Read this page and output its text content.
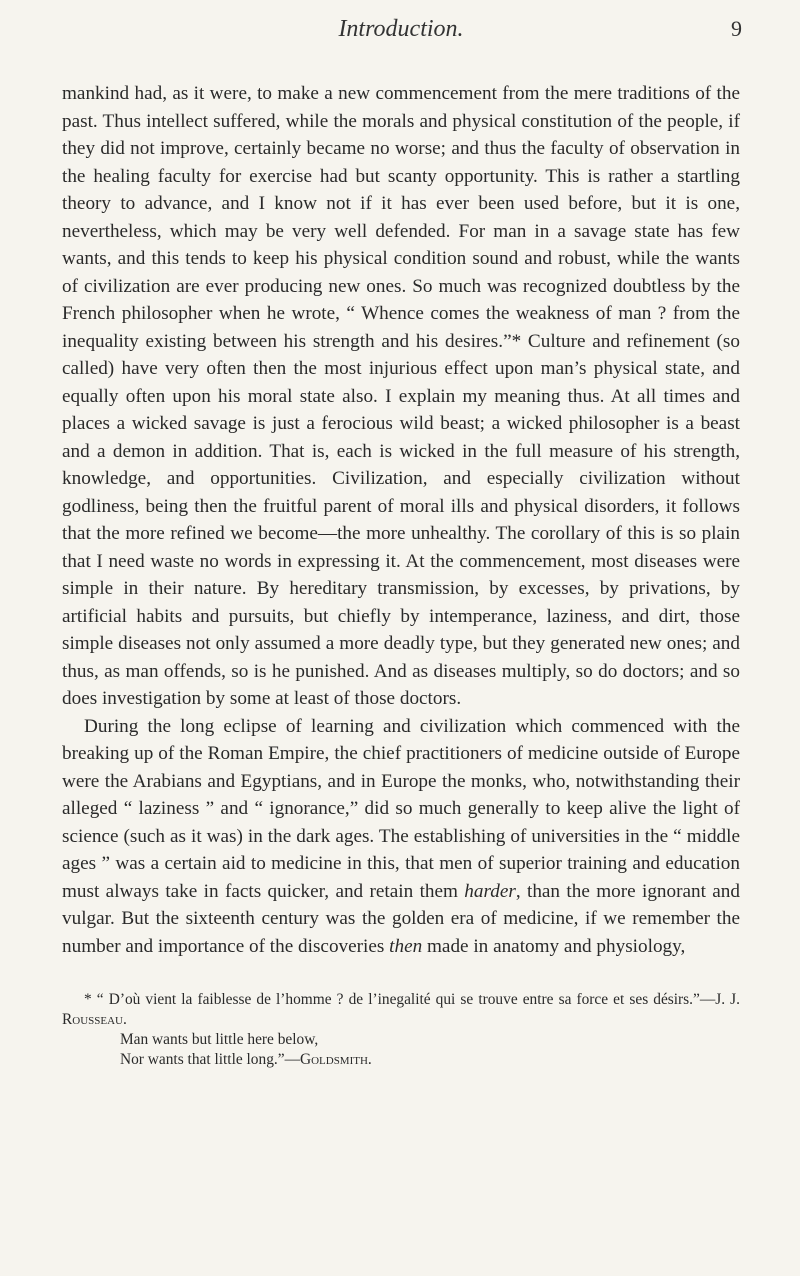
Introduction.	9

mankind had, as it were, to make a new commencement from the mere traditions of the past. Thus intellect suffered, while the morals and physical constitution of the people, if they did not improve, certainly became no worse; and thus the faculty of observation in the healing faculty for exercise had but scanty opportunity. This is rather a startling theory to advance, and I know not if it has ever been used before, but it is one, nevertheless, which may be very well defended. For man in a savage state has few wants, and this tends to keep his physical condition sound and robust, while the wants of civilization are ever producing new ones. So much was recognized doubtless by the French philosopher when he wrote, “ Whence comes the weakness of man ? from the inequality existing between his strength and his desires.”* Culture and refinement (so called) have very often then the most injurious effect upon man’s physical state, and equally often upon his moral state also. I explain my meaning thus. At all times and places a wicked savage is just a ferocious wild beast; a wicked philosopher is a beast and a demon in addition. That is, each is wicked in the full measure of his strength, knowledge, and opportunities. Civilization, and especially civilization without godliness, being then the fruitful parent of moral ills and physical disorders, it follows that the more refined we become—the more unhealthy. The corollary of this is so plain that I need waste no words in expressing it. At the commencement, most diseases were simple in their nature. By hereditary transmission, by excesses, by privations, by artificial habits and pursuits, but chiefly by intemperance, laziness, and dirt, those simple diseases not only assumed a more deadly type, but they generated new ones; and thus, as man offends, so is he punished. And as diseases multiply, so do doctors; and so does investigation by some at least of those doctors.

During the long eclipse of learning and civilization which commenced with the breaking up of the Roman Empire, the chief practitioners of medicine outside of Europe were the Arabians and Egyptians, and in Europe the monks, who, notwithstanding their alleged “ laziness ” and “ ignorance,” did so much generally to keep alive the light of science (such as it was) in the dark ages. The establishing of universities in the “ middle ages ” was a certain aid to medicine in this, that men of superior training and education must always take in facts quicker, and retain them harder, than the more ignorant and vulgar. But the sixteenth century was the golden era of medicine, if we remember the number and importance of the discoveries then made in anatomy and physiology,

* “ D’où vient la faiblesse de l’homme ? de l’inegalité qui se trouve entre sa force et ses désirs.”—J. J. Rousseau.

Man wants but little here below,

Nor wants that little long.”—Goldsmith.
